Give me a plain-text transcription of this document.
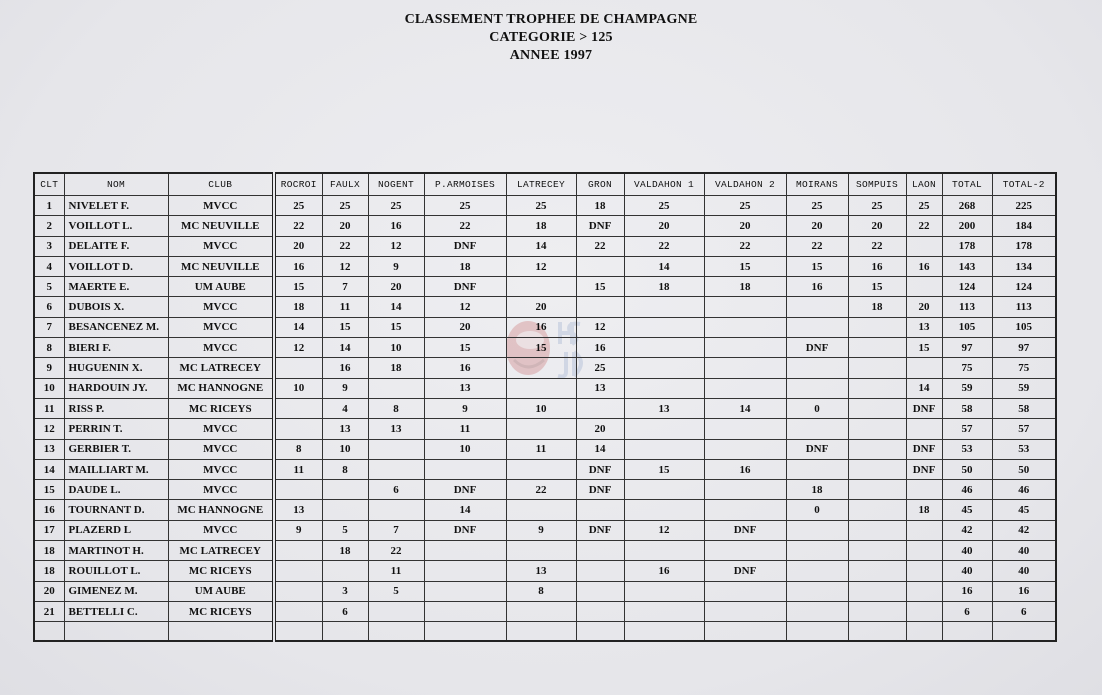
CLASSEMENT TROPHEE DE CHAMPAGNE
CATEGORIE > 125
ANNEE 1997
CLT	NOM	CLUB	ROCROI	FAULX	NOGENT	P.ARMOISES	LATRECEY	GRON	VALDAHON 1	VALDAHON 2	MOIRANS	SOMPUIS	LAON	TOTAL	TOTAL-2
1	NIVELET F.	MVCC	25	25	25	25	25	18	25	25	25	25	25	268	225
2	VOILLOT L.	MC NEUVILLE	22	20	16	22	18	DNF	20	20	20	20	22	200	184
3	DELAITE F.	MVCC	20	22	12	DNF	14	22	22	22	22	22		178	178
4	VOILLOT D.	MC NEUVILLE	16	12	9	18	12		14	15	15	16	16	143	134
5	MAERTE E.	UM AUBE	15	7	20	DNF		15	18	18	16	15		124	124
6	DUBOIS X.	MVCC	18	11	14	12	20					18	20	113	113
7	BESANCENEZ M.	MVCC	14	15	15	20	16	12					13	105	105
8	BIERI F.	MVCC	12	14	10	15	15	16			DNF		15	97	97
9	HUGUENIN X.	MC LATRECEY		16	18	16		25						75	75
10	HARDOUIN JY.	MC HANNOGNE	10	9		13		13					14	59	59
11	RISS P.	MC RICEYS		4	8	9	10		13	14	0		DNF	58	58
12	PERRIN T.	MVCC		13	13	11		20						57	57
13	GERBIER T.	MVCC	8	10		10	11	14			DNF		DNF	53	53
14	MAILLIART M.	MVCC	11	8				DNF	15	16			DNF	50	50
15	DAUDE L.	MVCC			6	DNF	22	DNF			18			46	46
16	TOURNANT D.	MC HANNOGNE	13			14					0		18	45	45
17	PLAZERD L	MVCC	9	5	7	DNF	9	DNF	12	DNF				42	42
18	MARTINOT H.	MC LATRECEY		18	22									40	40
18	ROUILLOT L.	MC RICEYS			11		13		16	DNF				40	40
20	GIMENEZ M.	UM AUBE		3	5		8							16	16
21	BETTELLI C.	MC RICEYS		6										6	6
